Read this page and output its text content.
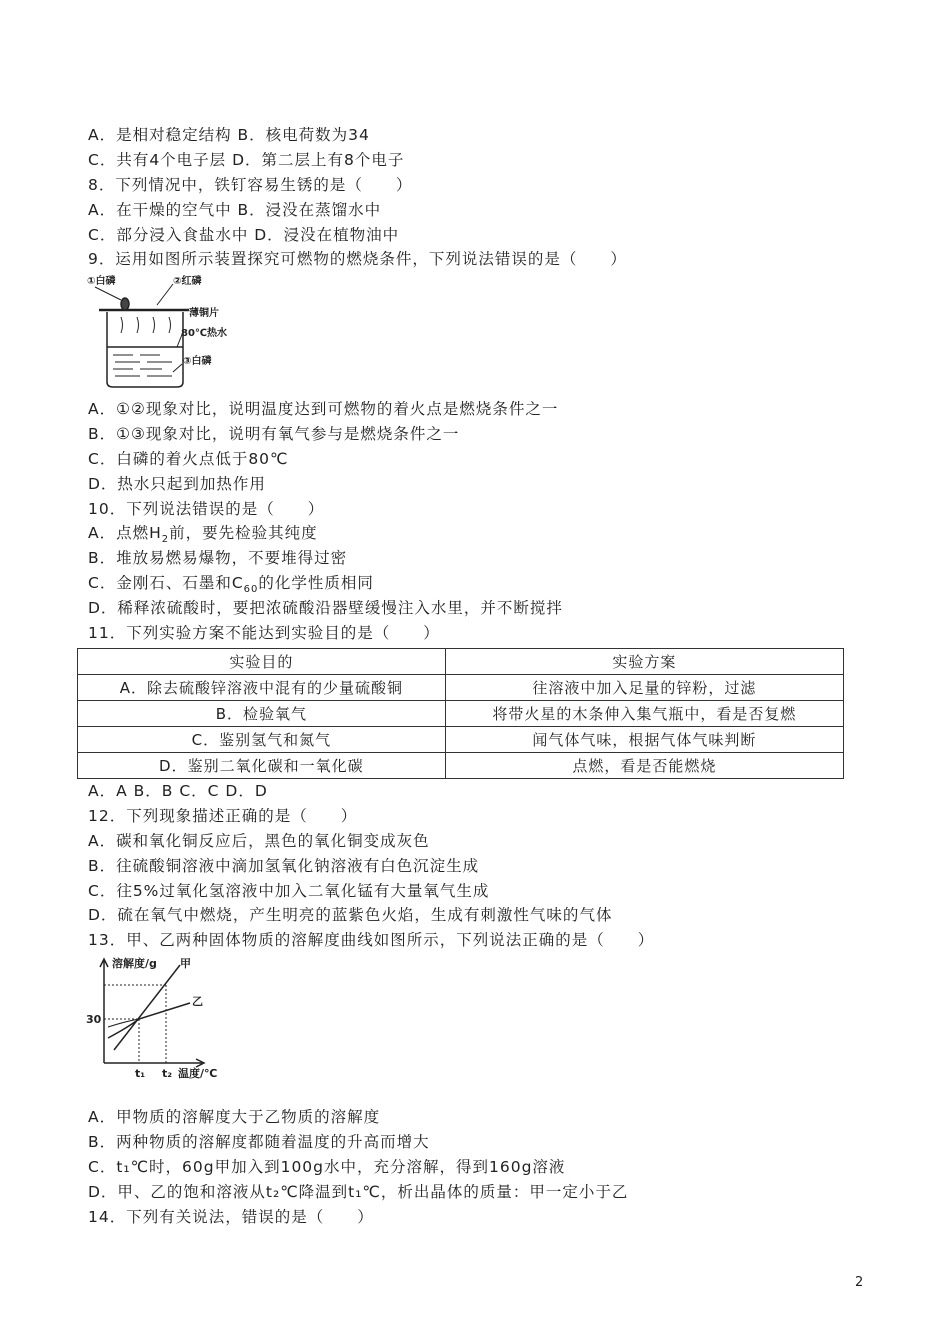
A．是相对稳定结构 B．核电荷数为34
C．共有4个电子层 D．第二层上有8个电子
8．下列情况中，铁钉容易生锈的是（　　）
A．在干燥的空气中 B．浸没在蒸馏水中
C．部分浸入食盐水中 D．浸没在植物油中
9．运用如图所示装置探究可燃物的燃烧条件，下列说法错误的是（　　）
①白磷	②红磷
薄铜片
80℃热水
③白磷
A．①②现象对比，说明温度达到可燃物的着火点是燃烧条件之一
B．①③现象对比，说明有氧气参与是燃烧条件之一
C．白磷的着火点低于80℃
D．热水只起到加热作用
10．下列说法错误的是（　　）
A．点燃$H_2$前，要先检验其纯度
B．堆放易燃易爆物，不要堆得过密
C．金刚石、石墨和$C_{60}$的化学性质相同
D．稀释浓硫酸时，要把浓硫酸沿器壁缓慢注入水里，并不断搅拌
11．下列实验方案不能达到实验目的是（　　）
实验目的	实验方案
A．除去硫酸锌溶液中混有的少量硫酸铜	往溶液中加入足量的锌粉，过滤
B．检验氧气	将带火星的木条伸入集气瓶中，看是否复燃
C．鉴别氢气和氮气	闻气体气味，根据气体气味判断
D．鉴别二氧化碳和一氧化碳	点燃，看是否能燃烧
A．A B．B C．C D．D
12．下列现象描述正确的是（　　）
A．碳和氧化铜反应后，黑色的氧化铜变成灰色
B．往硫酸铜溶液中滴加氢氧化钠溶液有白色沉淀生成
C．往5%过氧化氢溶液中加入二氧化锰有大量氧气生成
D．硫在氧气中燃烧，产生明亮的蓝紫色火焰，生成有刺激性气味的气体
13．甲、乙两种固体物质的溶解度曲线如图所示，下列说法正确的是（　　）
溶解度/g 甲
乙
30
t₁ t₂ 温度/℃
A．甲物质的溶解度大于乙物质的溶解度
B．两种物质的溶解度都随着温度的升高而增大
C．t₁℃时，60g甲加入到100g水中，充分溶解，得到160g溶液
D．甲、乙的饱和溶液从t₂℃降温到t₁℃，析出晶体的质量：甲一定小于乙
14．下列有关说法，错误的是（　　）
2
